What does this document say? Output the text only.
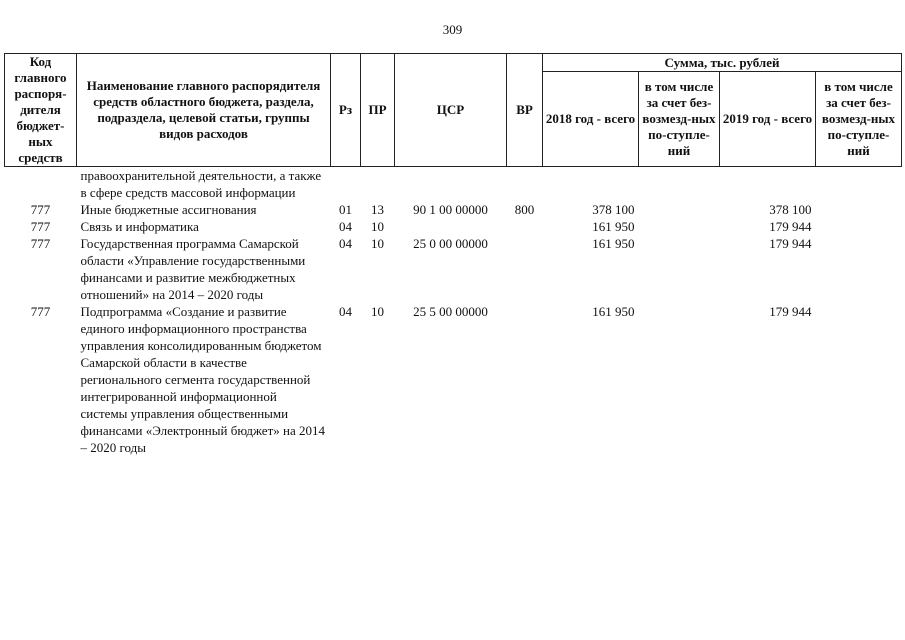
309
Код главного распоря-дителя бюджет-ных средств	Наименование главного распорядителя средств областного бюджета, раздела, подраздела, целевой статьи, группы видов расходов	Рз	ПР	ЦСР	ВР	Сумма, тыс. рублей			
						2018 год - всего	в том числе за счет без-возмезд-ных по-ступле-ний	2019 год - всего	в том числе за счет без-возмезд-ных по-ступле-ний
	правоохранительной деятельности, а также в сфере средств массовой информации								
777	Иные бюджетные ассигнования	01	13	90 1 00 00000	800	378 100		378 100	
777	Связь и информатика	04	10			161 950		179 944	
777	Государственная программа Самарской области «Управление государственными финансами и развитие межбюджетных отношений» на 2014 – 2020 годы	04	10	25 0 00 00000		161 950		179 944	
777	Подпрограмма «Создание и развитие единого информационного пространства управления консолидированным бюджетом Самарской области в качестве регионального сегмента государственной интегрированной информационной системы управления общественными финансами «Электронный бюджет» на 2014 – 2020 годы	04	10	25 5 00 00000		161 950		179 944	
